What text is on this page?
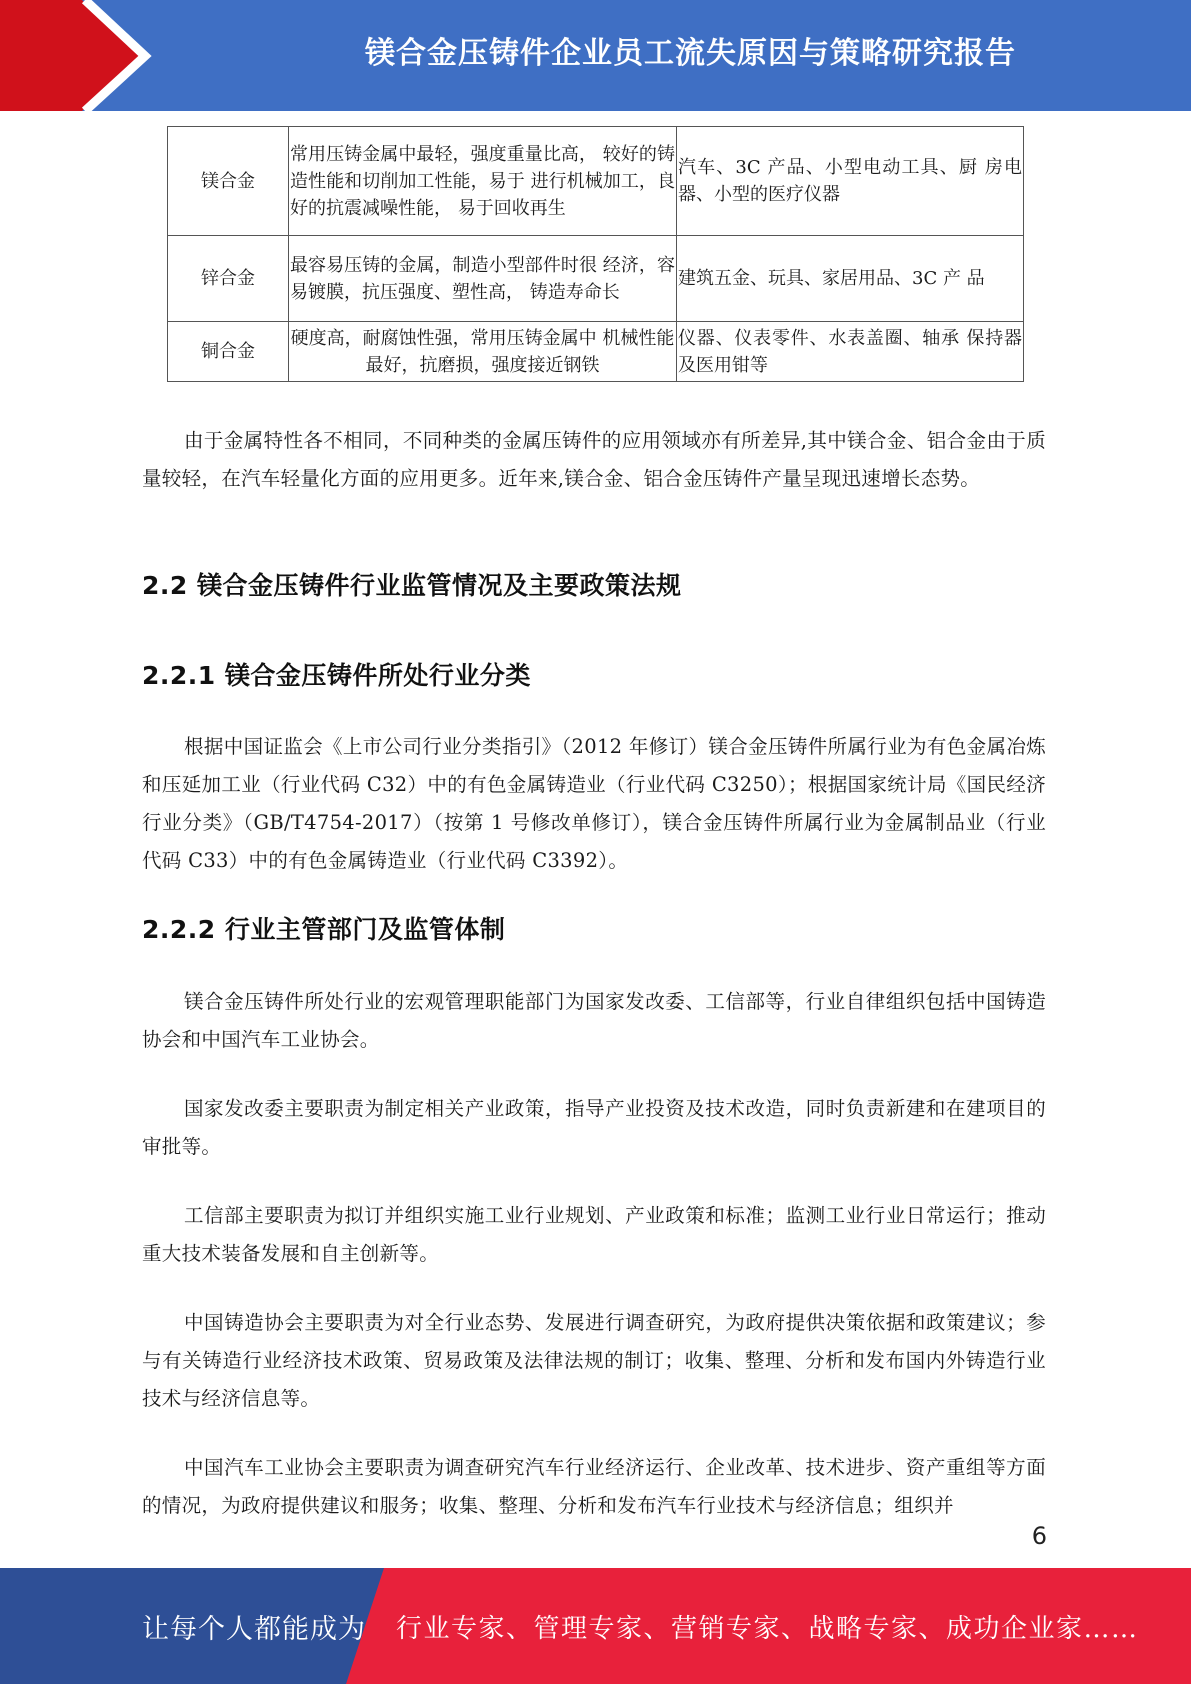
镁合金压铸件企业员工流失原因与策略研究报告
镁合金	常用压铸金属中最轻，强度重量比高， 较好的铸造性能和切削加工性能，易于 进行机械加工，良好的抗震减噪性能， 易于回收再生	汽车、3C 产品、小型电动工具、厨 房电器、小型的医疗仪器
锌合金	最容易压铸的金属，制造小型部件时很 经济，容易镀膜，抗压强度、塑性高， 铸造寿命长	建筑五金、玩具、家居用品、3C 产 品
铜合金	硬度高，耐腐蚀性强，常用压铸金属中 机械性能最好，抗磨损，强度接近钢铁	仪器、仪表零件、水表盖圈、轴承 保持器及医用钳等

由于金属特性各不相同，不同种类的金属压铸件的应用领域亦有所差异,其中镁合金、铝合金由于质量较轻，在汽车轻量化方面的应用更多。近年来,镁合金、铝合金压铸件产量呈现迅速增长态势。

2.2 镁合金压铸件行业监管情况及主要政策法规
2.2.1 镁合金压铸件所处行业分类

根据中国证监会《上市公司行业分类指引》（2012 年修订）镁合金压铸件所属行业为有色金属冶炼和压延加工业（行业代码 C32）中的有色金属铸造业（行业代码 C3250）；根据国家统计局《国民经济行业分类》（GB/T4754-2017）（按第 1 号修改单修订），镁合金压铸件所属行业为金属制品业（行业代码 C33）中的有色金属铸造业（行业代码 C3392）。

2.2.2 行业主管部门及监管体制

镁合金压铸件所处行业的宏观管理职能部门为国家发改委、工信部等，行业自律组织包括中国铸造协会和中国汽车工业协会。

国家发改委主要职责为制定相关产业政策，指导产业投资及技术改造，同时负责新建和在建项目的审批等。

工信部主要职责为拟订并组织实施工业行业规划、产业政策和标准；监测工业行业日常运行；推动重大技术装备发展和自主创新等。

中国铸造协会主要职责为对全行业态势、发展进行调查研究，为政府提供决策依据和政策建议；参与有关铸造行业经济技术政策、贸易政策及法律法规的制订；收集、整理、分析和发布国内外铸造行业技术与经济信息等。

中国汽车工业协会主要职责为调查研究汽车行业经济运行、企业改革、技术进步、资产重组等方面的情况，为政府提供建议和服务；收集、整理、分析和发布汽车行业技术与经济信息；组织并

6
让每个人都能成为 行业专家、管理专家、营销专家、战略专家、成功企业家……
